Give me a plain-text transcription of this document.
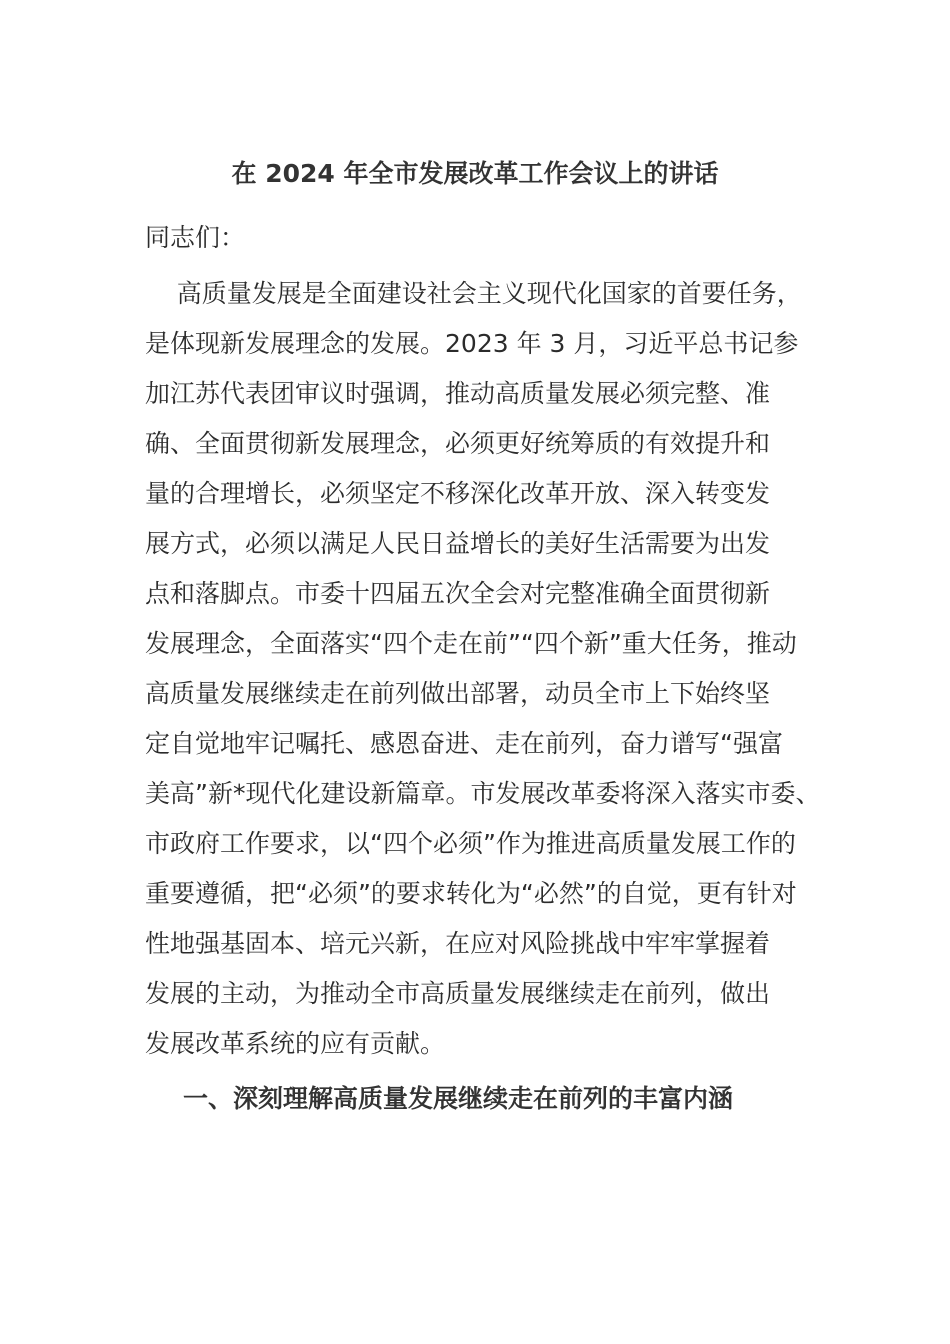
在 2024 年全市发展改革工作会议上的讲话
同志们：
高质量发展是全面建设社会主义现代化国家的首要任务，
是体现新发展理念的发展。2023 年 3 月，习近平总书记参
加江苏代表团审议时强调，推动高质量发展必须完整、准
确、全面贯彻新发展理念，必须更好统筹质的有效提升和
量的合理增长，必须坚定不移深化改革开放、深入转变发
展方式，必须以满足人民日益增长的美好生活需要为出发
点和落脚点。市委十四届五次全会对完整准确全面贯彻新
发展理念，全面落实“四个走在前”“四个新”重大任务，推动
高质量发展继续走在前列做出部署，动员全市上下始终坚
定自觉地牢记嘱托、感恩奋进、走在前列，奋力谱写“强富
美高”新*现代化建设新篇章。市发展改革委将深入落实市委、
市政府工作要求，以“四个必须”作为推进高质量发展工作的
重要遵循，把“必须”的要求转化为“必然”的自觉，更有针对
性地强基固本、培元兴新，在应对风险挑战中牢牢掌握着
发展的主动，为推动全市高质量发展继续走在前列，做出
发展改革系统的应有贡献。
一、深刻理解高质量发展继续走在前列的丰富内涵
